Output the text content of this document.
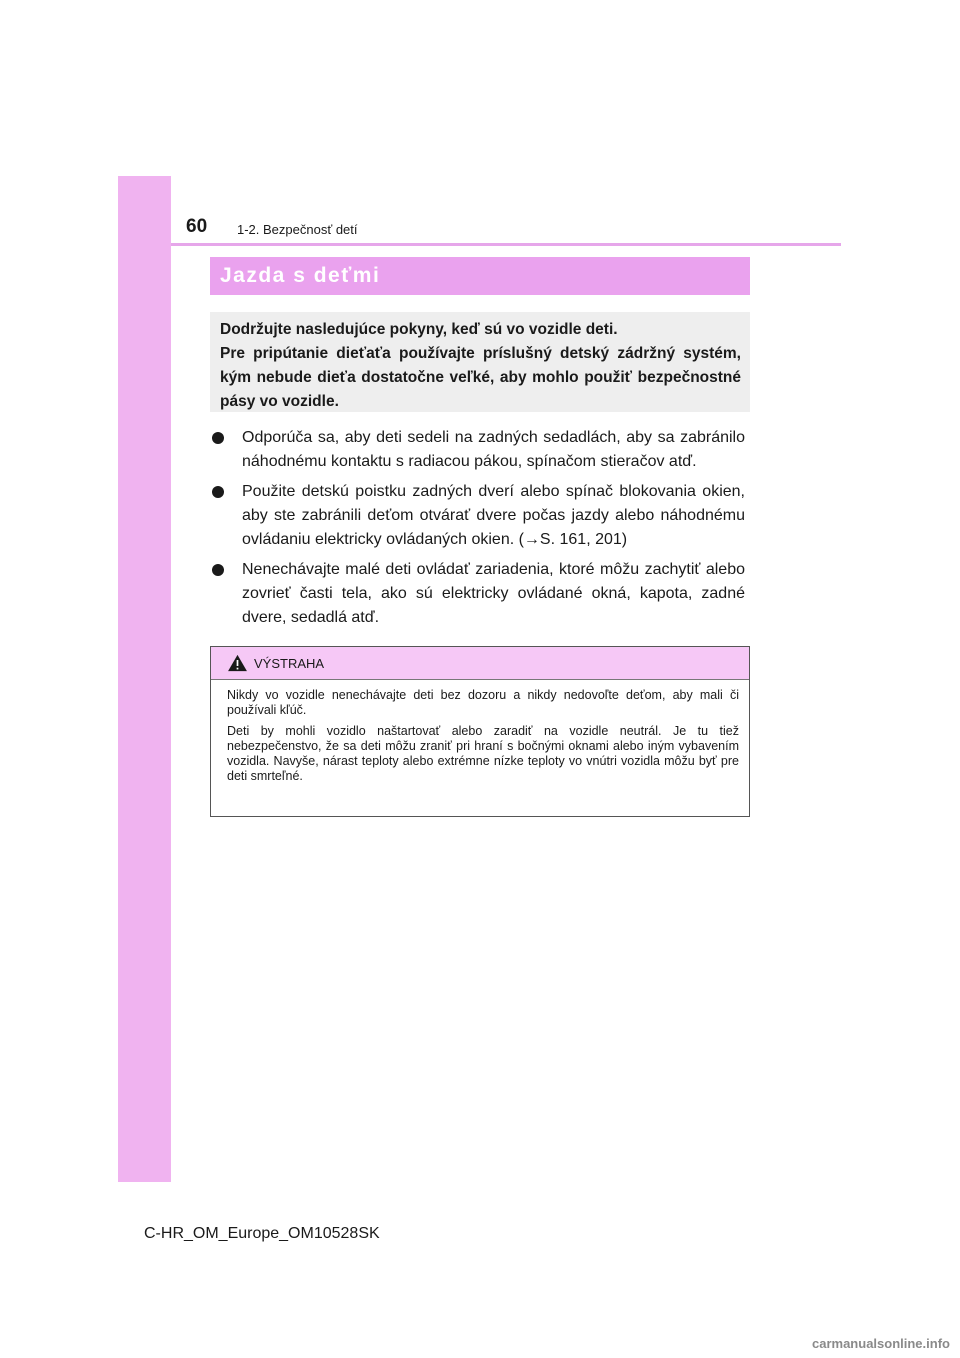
60 1-2. Bezpečnosť detí
Jazda s deťmi

Dodržujte nasledujúce pokyny, keď sú vo vozidle deti.

Pre pripútanie dieťaťa používajte príslušný detský zádržný systém, kým nebude dieťa dostatočne veľké, aby mohlo použiť bezpečnostné pásy vo vozidle.

Odporúča sa, aby deti sedeli na zadných sedadlách, aby sa zabránilo náhodnému kontaktu s radiacou pákou, spínačom stieračov atď.
Použite detskú poistku zadných dverí alebo spínač blokovania okien, aby ste zabránili deťom otvárať dvere počas jazdy alebo náhodnému ovládaniu elektricky ovládaných okien. (→S. 161, 201)
Nenechávajte malé deti ovládať zariadenia, ktoré môžu zachytiť alebo zovrieť časti tela, ako sú elektricky ovládané okná, kapota, zadné dvere, sedadlá atď.
VÝSTRAHA

Nikdy vo vozidle nenechávajte deti bez dozoru a nikdy nedovoľte deťom, aby mali či používali kľúč.

Deti by mohli vozidlo naštartovať alebo zaradiť na vozidle neutrál. Je tu tiež nebezpečenstvo, že sa deti môžu zraniť pri hraní s bočnými oknami alebo iným vybavením vozidla. Navyše, nárast teploty alebo extrémne nízke teploty vo vnútri vozidla môžu byť pre deti smrteľné.

C-HR_OM_Europe_OM10528SK
carmanualsonline.info
